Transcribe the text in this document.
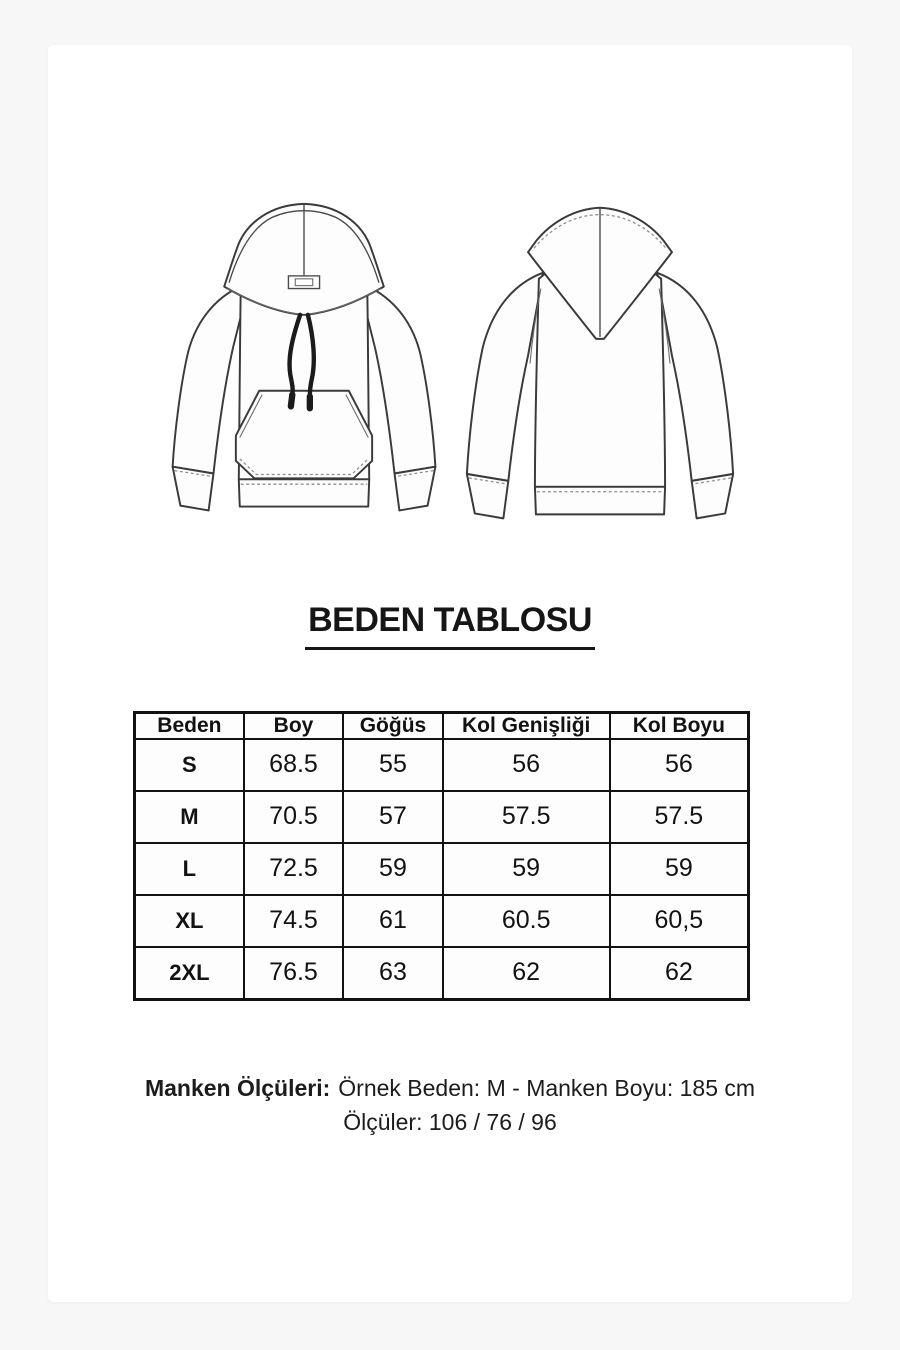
BEDEN TABLOSU
Beden	Boy	Göğüs	Kol Genişliği	Kol Boyu
S	68.5	55	56	56
M	70.5	57	57.5	57.5
L	72.5	59	59	59
XL	74.5	61	60.5	60,5
2XL	76.5	63	62	62

Manken Ölçüleri: Örnek Beden: M - Manken Boyu: 185 cm

Ölçüler: 106 / 76 / 96
